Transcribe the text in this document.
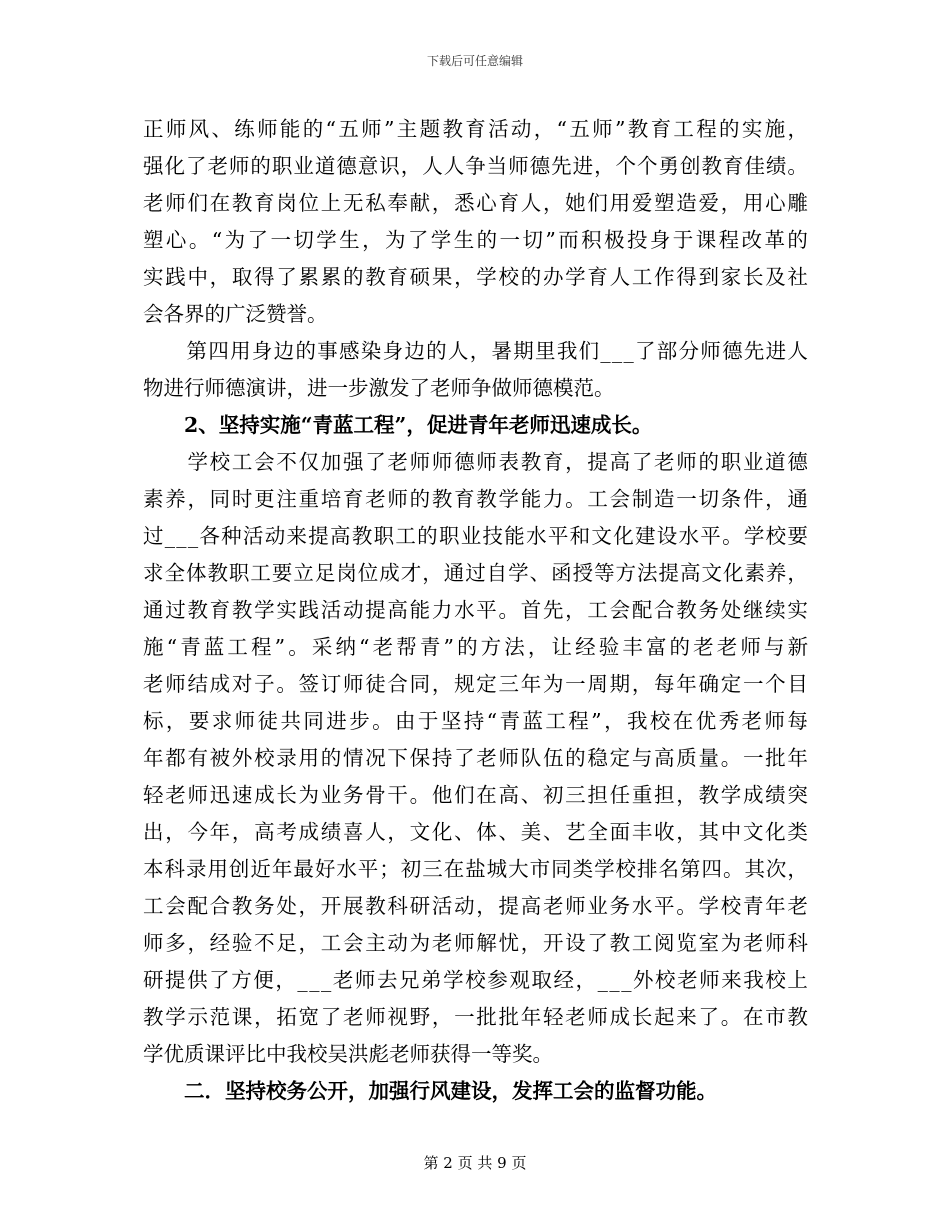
下载后可任意编辑
正师风、练师能的“五师”主题教育活动，“五师”教育工程的实施，
强化了老师的职业道德意识，人人争当师德先进，个个勇创教育佳绩。
老师们在教育岗位上无私奉献，悉心育人，她们用爱塑造爱，用心雕
塑心。“为了一切学生，为了学生的一切”而积极投身于课程改革的
实践中，取得了累累的教育硕果，学校的办学育人工作得到家长及社
会各界的广泛赞誉。
　　第四用身边的事感染身边的人，暑期里我们___了部分师德先进人
物进行师德演讲，进一步激发了老师争做师德模范。
　　2、坚持实施“青蓝工程”，促进青年老师迅速成长。
　　学校工会不仅加强了老师师德师表教育，提高了老师的职业道德
素养，同时更注重培育老师的教育教学能力。工会制造一切条件，通
过___各种活动来提高教职工的职业技能水平和文化建设水平。学校要
求全体教职工要立足岗位成才，通过自学、函授等方法提高文化素养，
通过教育教学实践活动提高能力水平。首先，工会配合教务处继续实
施“青蓝工程”。采纳“老帮青”的方法，让经验丰富的老老师与新
老师结成对子。签订师徒合同，规定三年为一周期，每年确定一个目
标，要求师徒共同进步。由于坚持“青蓝工程”，我校在优秀老师每
年都有被外校录用的情况下保持了老师队伍的稳定与高质量。一批年
轻老师迅速成长为业务骨干。他们在高、初三担任重担，教学成绩突
出，今年，高考成绩喜人，文化、体、美、艺全面丰收，其中文化类
本科录用创近年最好水平；初三在盐城大市同类学校排名第四。其次，
工会配合教务处，开展教科研活动，提高老师业务水平。学校青年老
师多，经验不足，工会主动为老师解忧，开设了教工阅览室为老师科
研提供了方便，___老师去兄弟学校参观取经，___外校老师来我校上
教学示范课，拓宽了老师视野，一批批年轻老师成长起来了。在市教
学优质课评比中我校吴洪彪老师获得一等奖。
　　二．坚持校务公开，加强行风建设，发挥工会的监督功能。
第 2 页 共 9 页
